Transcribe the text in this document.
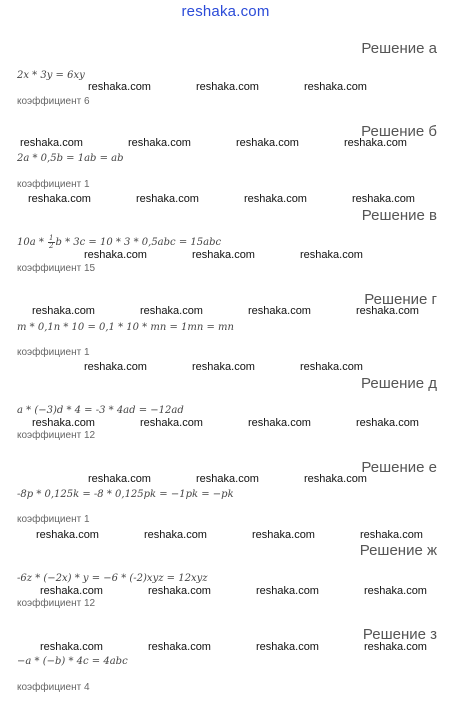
reshaka.com
Решение а
2x * 3y = 6xy
коэффициент 6
Решение б
2a * 0,5b = 1ab = ab
коэффициент 1
Решение в
$10a * \frac{1}{2}$ b * 3c = 10 * 3 * 0,5abc = 15abc
коэффициент 15
Решение г
m * 0,1n * 10 = 0,1 * 10 * mn = 1mn = mn
коэффициент 1
Решение д
a * (−3)d * 4 = -3 * 4ad = −12ad
коэффициент 12
Решение е
-8p * 0,125k = -8 * 0,125pk = −1pk = −pk
коэффициент 1
Решение ж
-6z * (−2x) * y = −6 * (-2)xyz = 12xyz
коэффициент 12
Решение з
−a * (−b) * 4c = 4abc
коэффициент 4
reshaka.com	reshaka.com	reshaka.com
reshaka.com	reshaka.com	reshaka.com	reshaka.com
reshaka.com	reshaka.com	reshaka.com	reshaka.com
reshaka.com	reshaka.com	reshaka.com
reshaka.com	reshaka.com	reshaka.com	reshaka.com
reshaka.com	reshaka.com	reshaka.com
reshaka.com	reshaka.com	reshaka.com	reshaka.com
reshaka.com	reshaka.com	reshaka.com
reshaka.com	reshaka.com	reshaka.com	reshaka.com
reshaka.com	reshaka.com	reshaka.com	reshaka.com
reshaka.com	reshaka.com	reshaka.com	reshaka.com
